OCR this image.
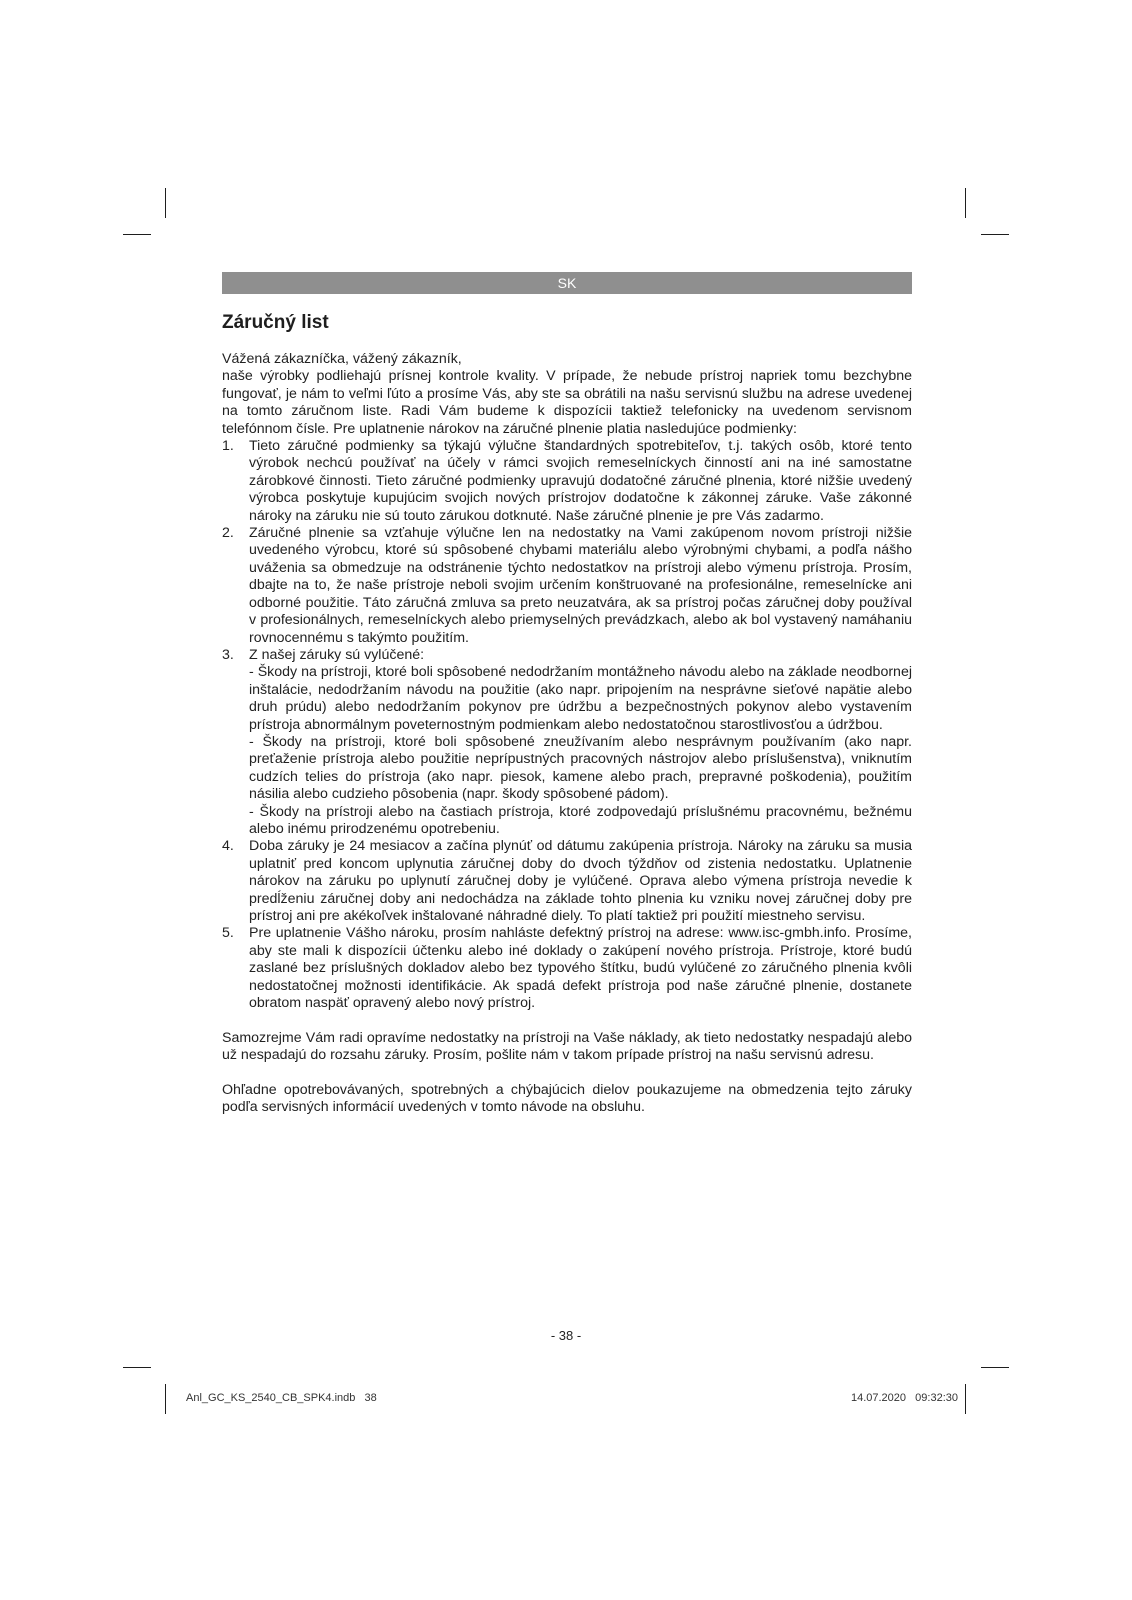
SK
Záručný list

Vážená zákazníčka, vážený zákazník,

naše výrobky podliehajú prísnej kontrole kvality. V prípade, že nebude prístroj napriek tomu bezchybne fungovať, je nám to veľmi ľúto a prosíme Vás, aby ste sa obrátili na našu servisnú službu na adrese uvedenej na tomto záručnom liste. Radi Vám budeme k dispozícii taktiež telefonicky na uvedenom servisnom telefónnom čísle. Pre uplatnenie nárokov na záručné plnenie platia nasledujúce podmienky:

1. Tieto záručné podmienky sa týkajú výlučne štandardných spotrebiteľov, t.j. takých osôb, ktoré tento výrobok nechcú používať na účely v rámci svojich remeselníckych činností ani na iné samostatne zárobkové činnosti. Tieto záručné podmienky upravujú dodatočné záručné plnenia, ktoré nižšie uvedený výrobca poskytuje kupujúcim svojich nových prístrojov dodatočne k zákonnej záruke. Vaše zákonné nároky na záruku nie sú touto zárukou dotknuté. Naše záručné plnenie je pre Vás zadarmo.
2. Záručné plnenie sa vzťahuje výlučne len na nedostatky na Vami zakúpenom novom prístroji nižšie uvedeného výrobcu, ktoré sú spôsobené chybami materiálu alebo výrobnými chybami, a podľa nášho uváženia sa obmedzuje na odstránenie týchto nedostatkov na prístroji alebo výmenu prístroja. Prosím, dbajte na to, že naše prístroje neboli svojim určením konštruované na profesionálne, remeselnícke ani odborné použitie. Táto záručná zmluva sa preto neuzatvára, ak sa prístroj počas záručnej doby používal v profesionálnych, remeselníckych alebo priemyselných prevádzkach, alebo ak bol vystavený namáhaniu rovnocennému s takýmto použitím.
3. Z našej záruky sú vylúčené:
- Škody na prístroji, ktoré boli spôsobené nedodržaním montážneho návodu alebo na základe neodbornej inštalácie, nedodržaním návodu na použitie (ako napr. pripojením na nesprávne sieťové napätie alebo druh prúdu) alebo nedodržaním pokynov pre údržbu a bezpečnostných pokynov alebo vystavením prístroja abnormálnym poveternostným podmienkam alebo nedostatočnou starostlivosťou a údržbou.
- Škody na prístroji, ktoré boli spôsobené zneužívaním alebo nesprávnym používaním (ako napr. preťaženie prístroja alebo použitie neprípustných pracovných nástrojov alebo príslušenstva), vniknutím cudzích telies do prístroja (ako napr. piesok, kamene alebo prach, prepravné poškodenia), použitím násilia alebo cudzieho pôsobenia (napr. škody spôsobené pádom).
- Škody na prístroji alebo na častiach prístroja, ktoré zodpovedajú príslušnému pracovnému, bežnému alebo inému prirodzenému opotrebeniu.
4. Doba záruky je 24 mesiacov a začína plynúť od dátumu zakúpenia prístroja. Nároky na záruku sa musia uplatniť pred koncom uplynutia záručnej doby do dvoch týždňov od zistenia nedostatku. Uplatnenie nárokov na záruku po uplynutí záručnej doby je vylúčené. Oprava alebo výmena prístroja nevedie k predĺženiu záručnej doby ani nedochádza na základe tohto plnenia ku vzniku novej záručnej doby pre prístroj ani pre akékoľvek inštalované náhradné diely. To platí taktiež pri použití miestneho servisu.
5. Pre uplatnenie Vášho nároku, prosím nahláste defektný prístroj na adrese: www.isc-gmbh.info. Prosíme, aby ste mali k dispozícii účtenku alebo iné doklady o zakúpení nového prístroja. Prístroje, ktoré budú zaslané bez príslušných dokladov alebo bez typového štítku, budú vylúčené zo záručného plnenia kvôli nedostatočnej možnosti identifikácie. Ak spadá defekt prístroja pod naše záručné plnenie, dostanete obratom naspäť opravený alebo nový prístroj.

Samozrejme Vám radi opravíme nedostatky na prístroji na Vaše náklady, ak tieto nedostatky nespadajú alebo už nespadajú do rozsahu záruky. Prosím, pošlite nám v takom prípade prístroj na našu servisnú adresu.

Ohľadne opotrebovávaných, spotrebných a chýbajúcich dielov poukazujeme na obmedzenia tejto záruky podľa servisných informácií uvedených v tomto návode na obsluhu.

- 38 -
Anl_GC_KS_2540_CB_SPK4.indb   38	14.07.2020   09:32:30
